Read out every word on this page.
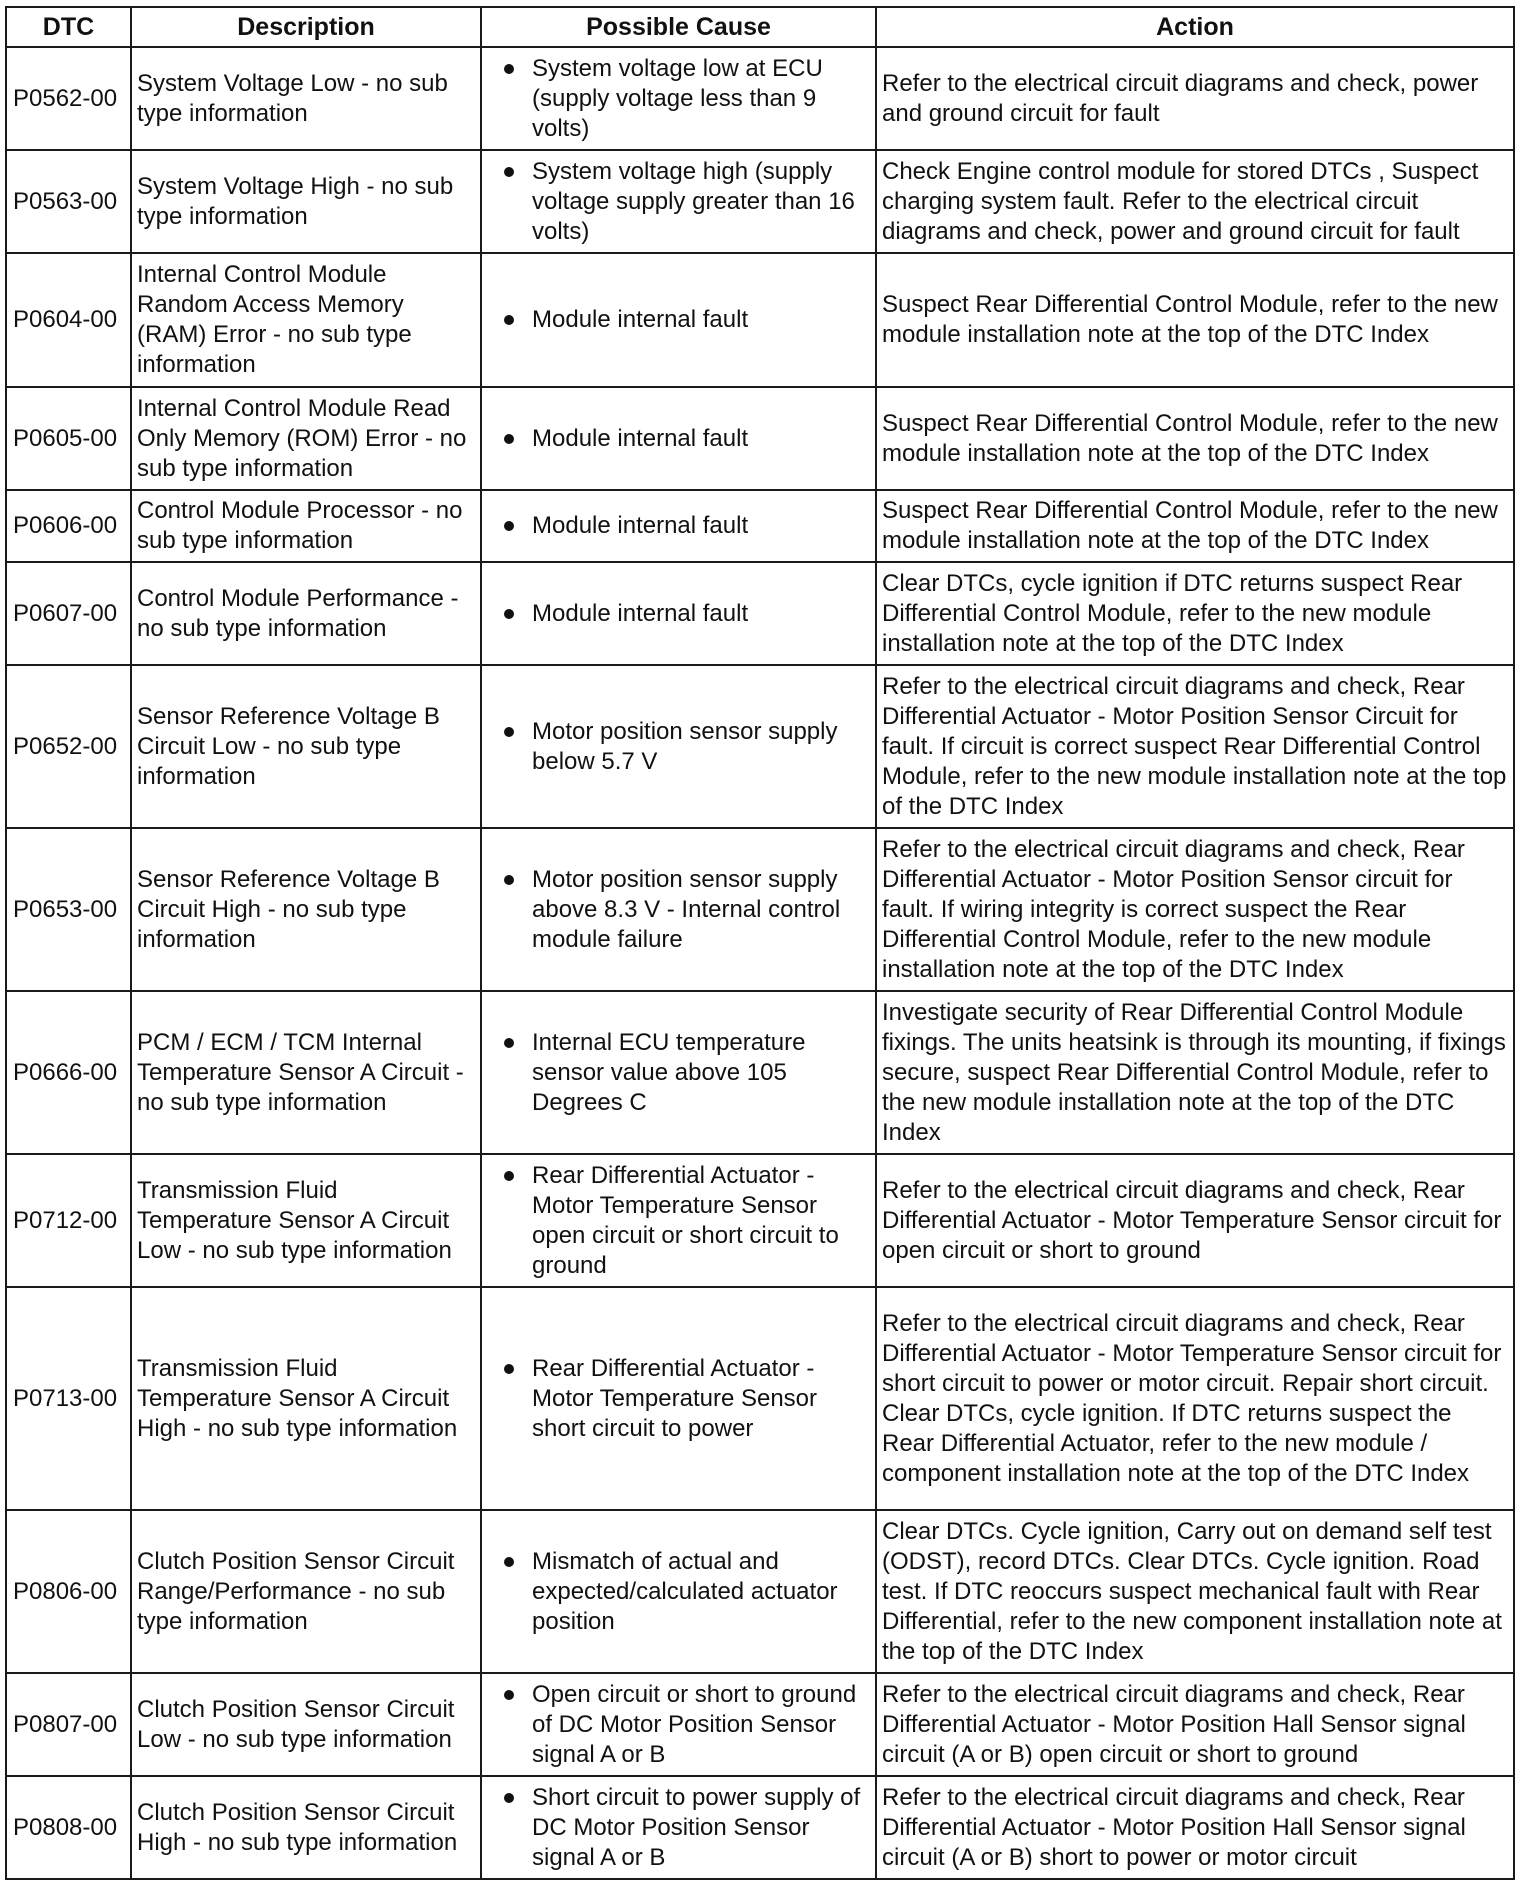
DTC	Description	Possible Cause	Action
P0562-00	System Voltage Low - no sub type information	System voltage low at ECU (supply voltage less than 9 volts)	Refer to the electrical circuit diagrams and check, power and ground circuit for fault
P0563-00	System Voltage High - no sub type information	System voltage high (supply voltage supply greater than 16 volts)	Check Engine control module for stored DTCs , Suspect charging system fault. Refer to the electrical circuit diagrams and check, power and ground circuit for fault
P0604-00	Internal Control Module Random Access Memory (RAM) Error - no sub type information	Module internal fault	Suspect Rear Differential Control Module, refer to the new module installation note at the top of the DTC Index
P0605-00	Internal Control Module Read Only Memory (ROM) Error - no sub type information	Module internal fault	Suspect Rear Differential Control Module, refer to the new module installation note at the top of the DTC Index
P0606-00	Control Module Processor - no sub type information	Module internal fault	Suspect Rear Differential Control Module, refer to the new module installation note at the top of the DTC Index
P0607-00	Control Module Performance - no sub type information	Module internal fault	Clear DTCs, cycle ignition if DTC returns suspect Rear Differential Control Module, refer to the new module installation note at the top of the DTC Index
P0652-00	Sensor Reference Voltage B Circuit Low - no sub type information	Motor position sensor supply below 5.7 V	Refer to the electrical circuit diagrams and check, Rear Differential Actuator - Motor Position Sensor Circuit for fault. If circuit is correct suspect Rear Differential Control Module, refer to the new module installation note at the top of the DTC Index
P0653-00	Sensor Reference Voltage B Circuit High - no sub type information	Motor position sensor supply above 8.3 V - Internal control module failure	Refer to the electrical circuit diagrams and check, Rear Differential Actuator - Motor Position Sensor circuit for fault. If wiring integrity is correct suspect the Rear Differential Control Module, refer to the new module installation note at the top of the DTC Index
P0666-00	PCM / ECM / TCM Internal Temperature Sensor A Circuit - no sub type information	Internal ECU temperature sensor value above 105 Degrees C	Investigate security of Rear Differential Control Module fixings. The units heatsink is through its mounting, if fixings secure, suspect Rear Differential Control Module, refer to the new module installation note at the top of the DTC Index
P0712-00	Transmission Fluid Temperature Sensor A Circuit Low - no sub type information	Rear Differential Actuator - Motor Temperature Sensor open circuit or short circuit to ground	Refer to the electrical circuit diagrams and check, Rear Differential Actuator - Motor Temperature Sensor circuit for open circuit or short to ground
P0713-00	Transmission Fluid Temperature Sensor A Circuit High - no sub type information	Rear Differential Actuator - Motor Temperature Sensor short circuit to power	Refer to the electrical circuit diagrams and check, Rear Differential Actuator - Motor Temperature Sensor circuit for short circuit to power or motor circuit. Repair short circuit. Clear DTCs, cycle ignition. If DTC returns suspect the Rear Differential Actuator, refer to the new module / component installation note at the top of the DTC Index
P0806-00	Clutch Position Sensor Circuit Range/Performance - no sub type information	Mismatch of actual and expected/calculated actuator position	Clear DTCs. Cycle ignition, Carry out on demand self test (ODST), record DTCs. Clear DTCs. Cycle ignition. Road test. If DTC reoccurs suspect mechanical fault with Rear Differential, refer to the new component installation note at the top of the DTC Index
P0807-00	Clutch Position Sensor Circuit Low - no sub type information	Open circuit or short to ground of DC Motor Position Sensor signal A or B	Refer to the electrical circuit diagrams and check, Rear Differential Actuator - Motor Position Hall Sensor signal circuit (A or B) open circuit or short to ground
P0808-00	Clutch Position Sensor Circuit High - no sub type information	Short circuit to power supply of DC Motor Position Sensor signal A or B	Refer to the electrical circuit diagrams and check, Rear Differential Actuator - Motor Position Hall Sensor signal circuit (A or B) short to power or motor circuit
